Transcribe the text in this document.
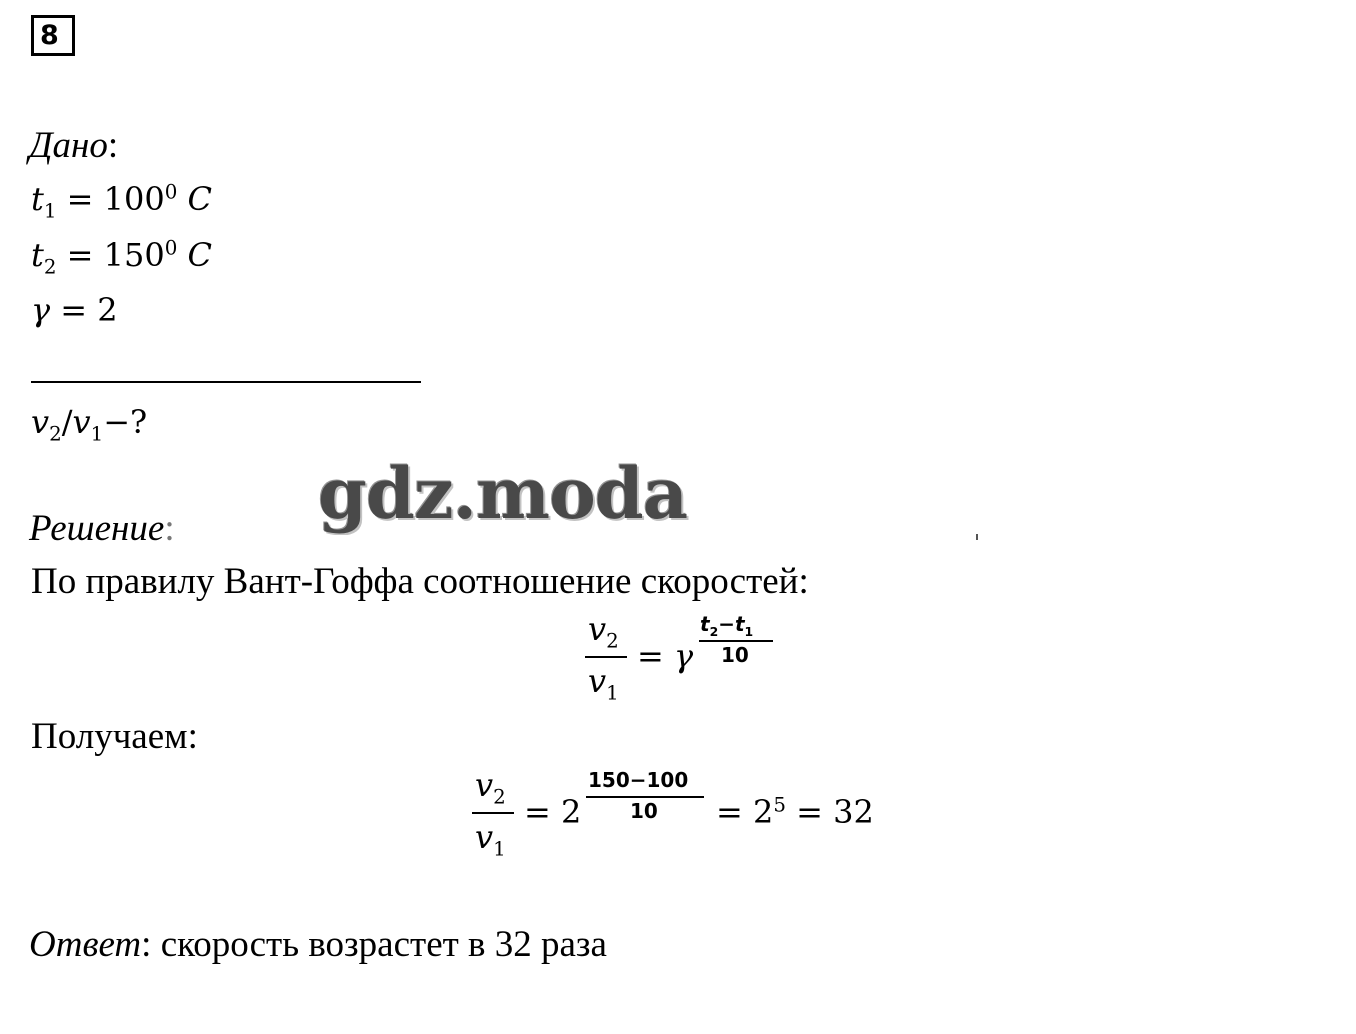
8
Дано:
$t_1 = 100^0$ C
$t_2 = 150^0$ C
γ = 2
$v_2/v_1-$?
gdz.moda
Решение:
По правилу Вант-Гоффа соотношение скоростей:
$v_2$
$v_1$
= γ
$t_2-t_1$
10
Получаем:
$v_2$
$v_1$
= 2
150−100
$10 = 2^5 = 32$
Ответ: скорость возрастет в 32 раза
